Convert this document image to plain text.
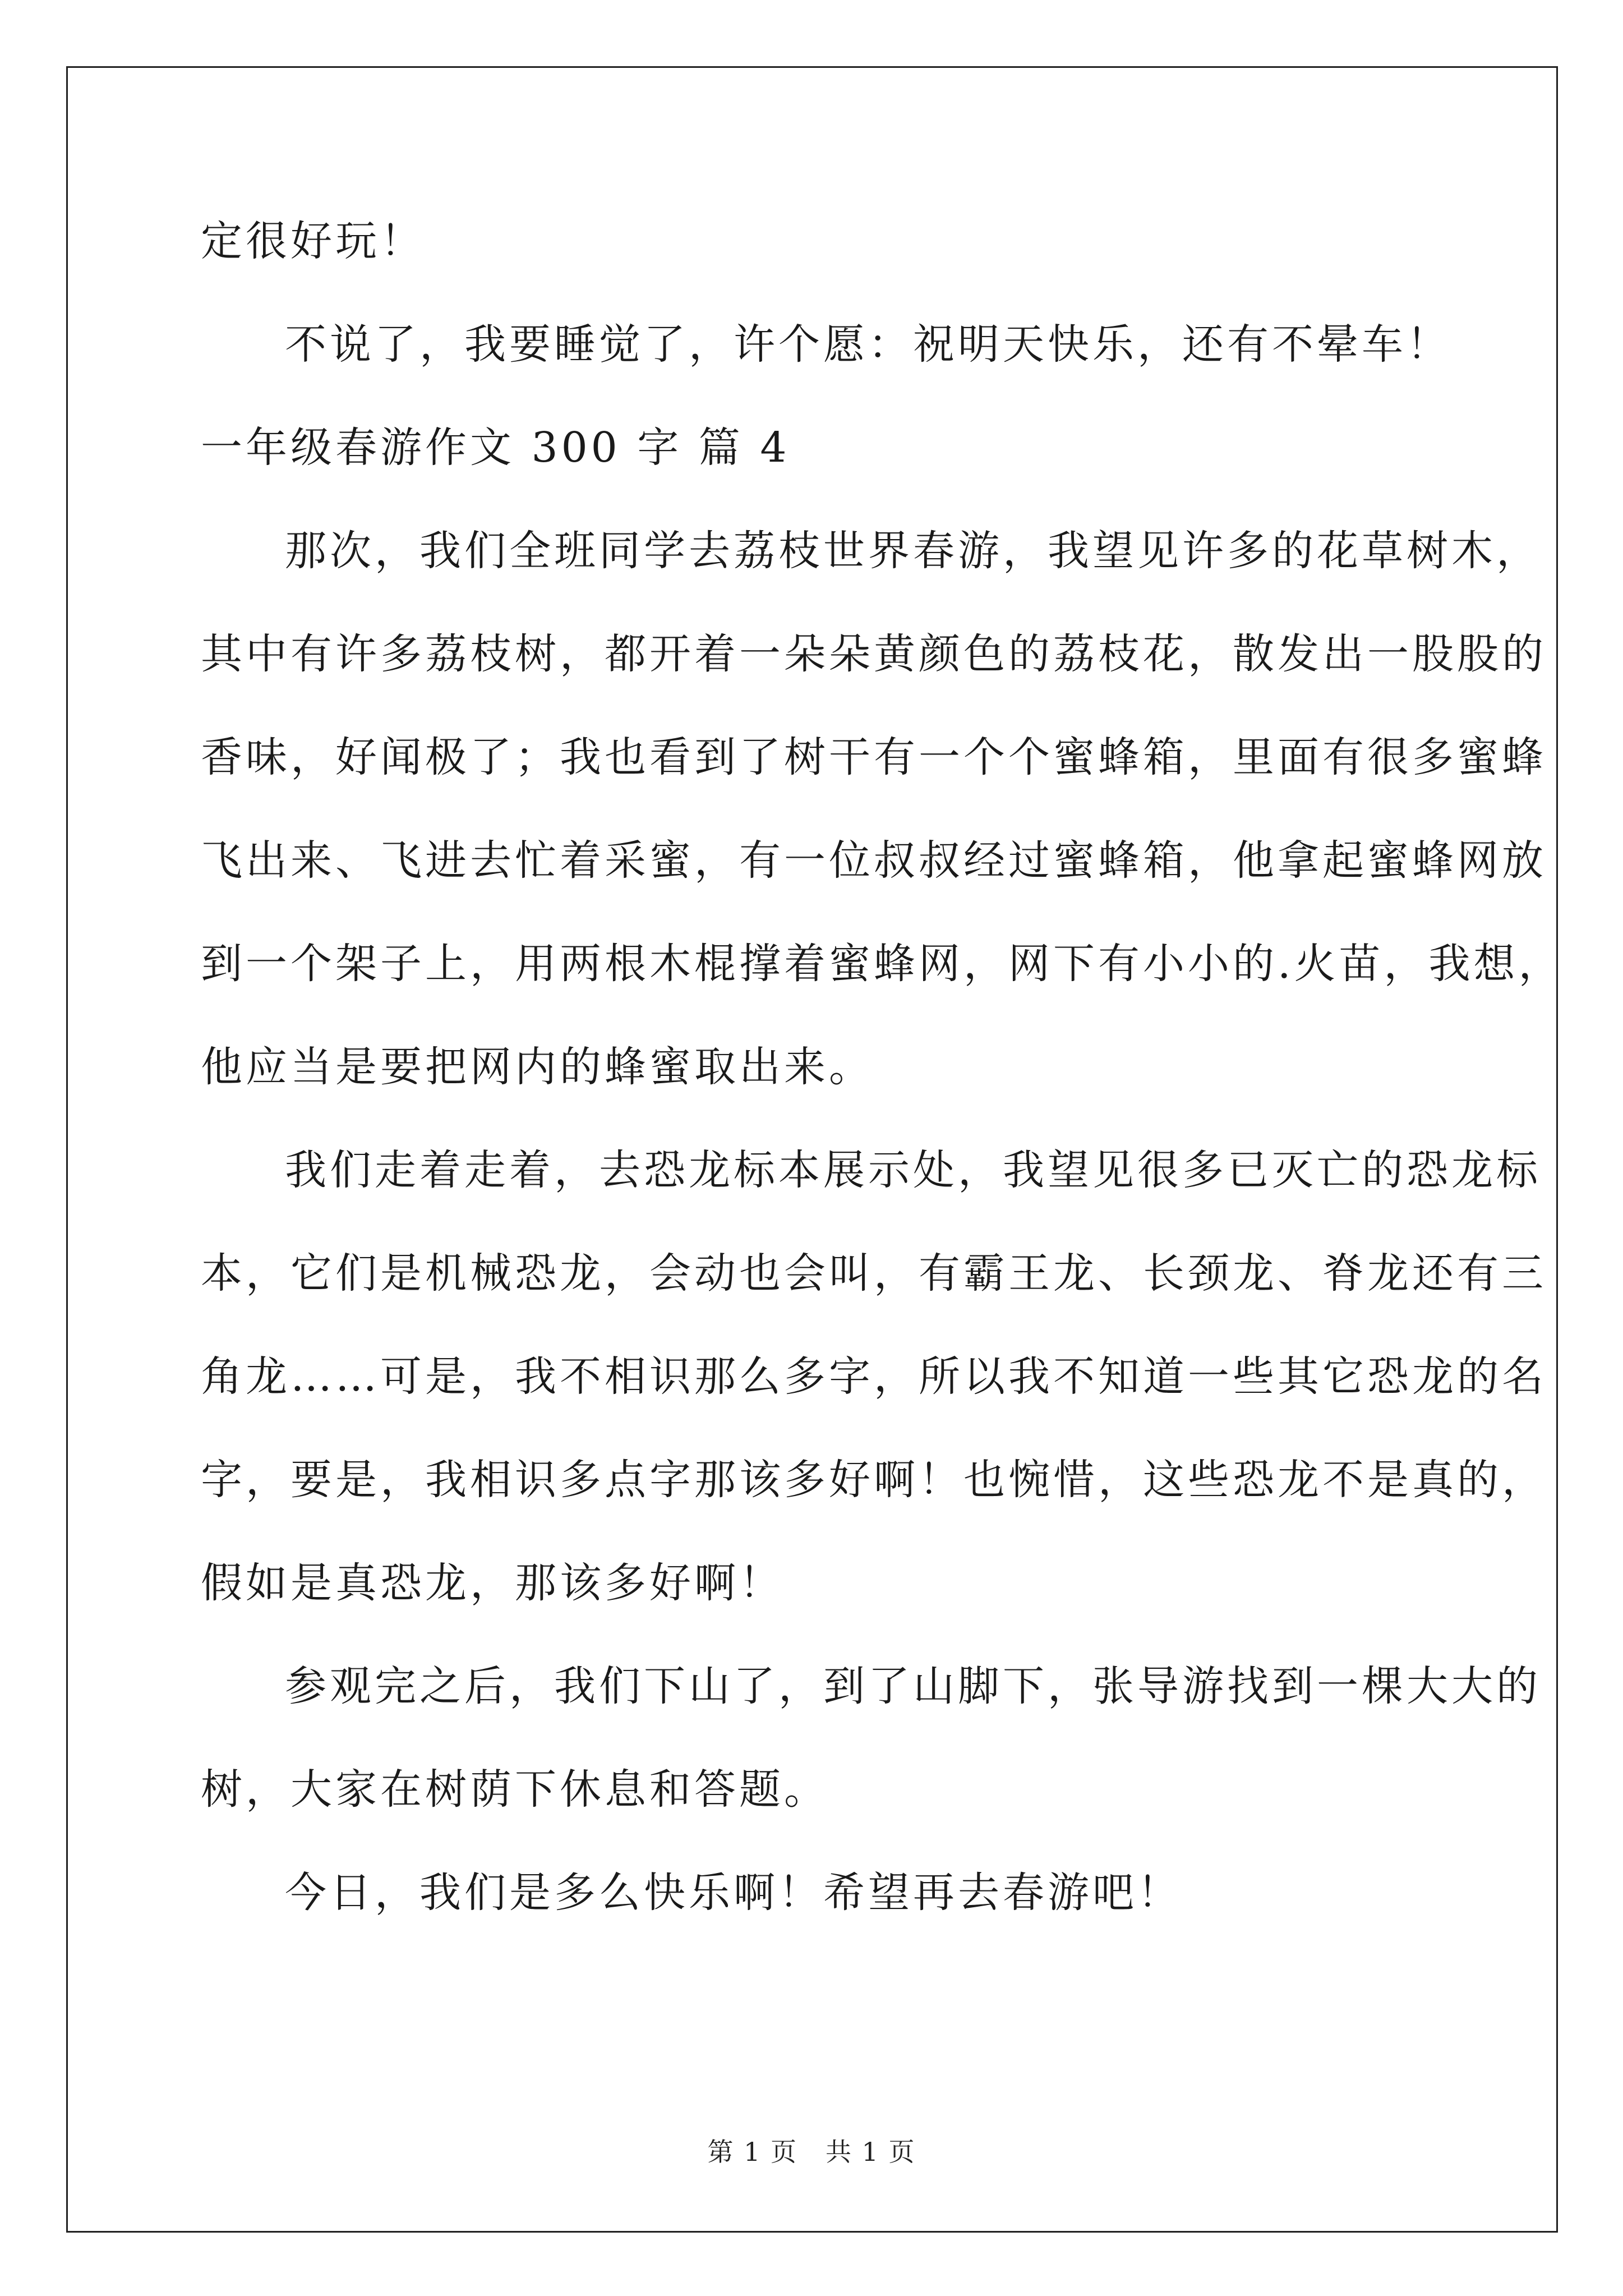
定很好玩！
不说了，我要睡觉了，许个愿：祝明天快乐，还有不晕车！
一年级春游作文 300 字 篇 4
那次，我们全班同学去荔枝世界春游，我望见许多的花草树木，
其中有许多荔枝树，都开着一朵朵黄颜色的荔枝花，散发出一股股的
香味，好闻极了；我也看到了树干有一个个蜜蜂箱，里面有很多蜜蜂
飞出来、飞进去忙着采蜜，有一位叔叔经过蜜蜂箱，他拿起蜜蜂网放
到一个架子上，用两根木棍撑着蜜蜂网，网下有小小的.火苗，我想，
他应当是要把网内的蜂蜜取出来。
我们走着走着，去恐龙标本展示处，我望见很多已灭亡的恐龙标
本，它们是机械恐龙，会动也会叫，有霸王龙、长颈龙、脊龙还有三
角龙……可是，我不相识那么多字，所以我不知道一些其它恐龙的名
字，要是，我相识多点字那该多好啊！也惋惜，这些恐龙不是真的，
假如是真恐龙，那该多好啊！
参观完之后，我们下山了，到了山脚下，张导游找到一棵大大的
树，大家在树荫下休息和答题。
今日，我们是多么快乐啊！希望再去春游吧！
第 1 页 共 1 页
